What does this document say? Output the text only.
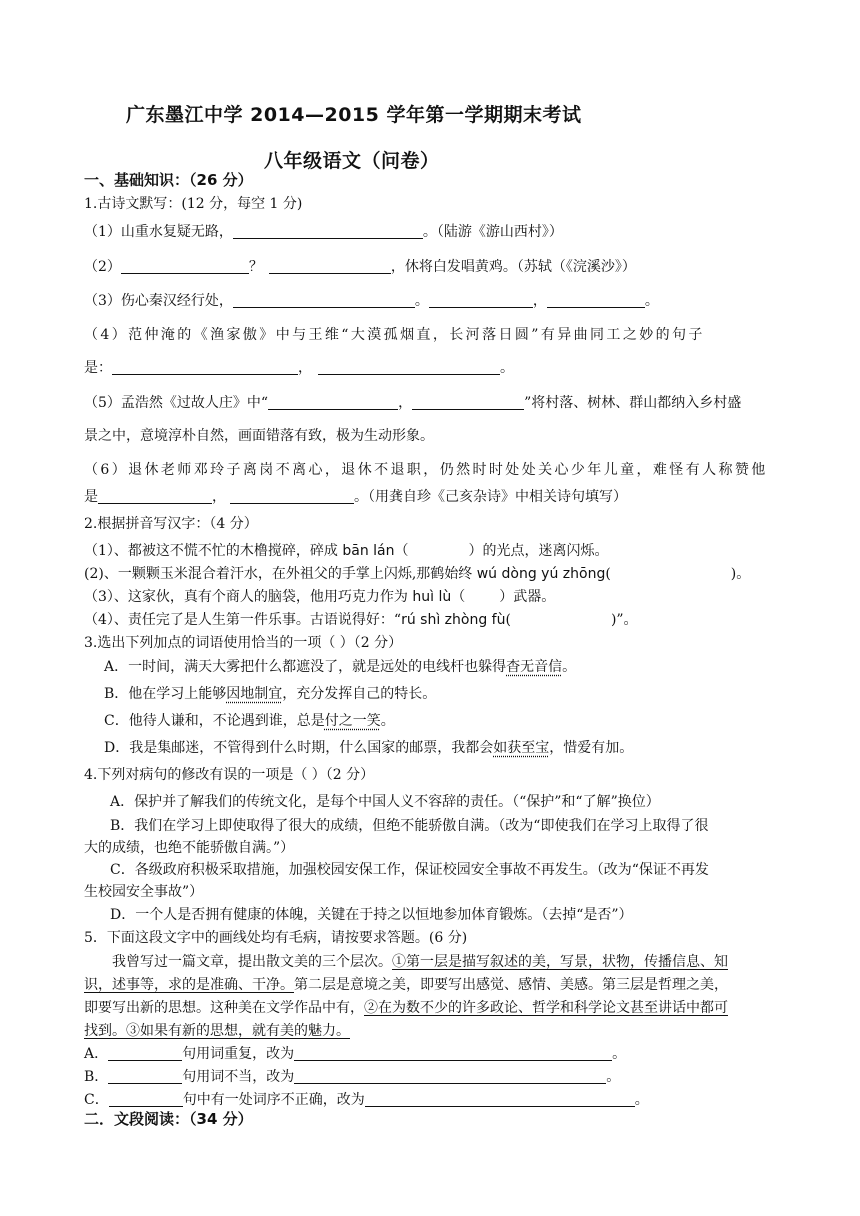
广东墨江中学 2014—2015 学年第一学期期末考试
八年级语文（问卷）
一、基础知识：（26 分）
1.古诗文默写：(12 分，每空 1 分)
（1）山重水复疑无路，	。（陆游《游山西村》）
（2）	？	，休将白发唱黄鸡。（苏轼（《浣溪沙》）
（3）伤心秦汉经行处，	。	，	。
（4）范仲淹的《渔家傲》中与王维“大漠孤烟直，长河落日圆”有异曲同工之妙的句子
是：	，	。
（5）孟浩然《过故人庄》中“	，	”将村落、树林、群山都纳入乡村盛
景之中，意境淳朴自然，画面错落有致，极为生动形象。
（6）退休老师邓玲子离岗不离心，退休不退职，仍然时时处处关心少年儿童，难怪有人称赞他
是	，	。（用龚自珍《己亥杂诗》中相关诗句填写）
2.根据拼音写汉字：（4 分）
（1）、都被这不慌不忙的木橹搅碎，碎成 bān lán（	）的光点，迷离闪烁。
(2)、一颗颗玉米混合着汗水，在外祖父的手掌上闪烁,那鹤始终 wú dòng yú zhōng(	)。
（3）、这家伙，真有个商人的脑袋，他用巧克力作为 huì lù（ ）武器。
（4）、责任完了是人生第一件乐事。古语说得好：“rú shì zhòng fù(	)”。
3.选出下列加点的词语使用恰当的一项（ ）（2 分）
A．一时间，满天大雾把什么都遮没了，就是远处的电线杆也躲得杳无音信。
B．他在学习上能够因地制宜，充分发挥自己的特长。
C．他待人谦和，不论遇到谁，总是付之一笑。
D．我是集邮迷，不管得到什么时期，什么国家的邮票，我都会如获至宝，惜爱有加。
4.下列对病句的修改有误的一项是（ ）（2 分）
A．保护并了解我们的传统文化，是每个中国人义不容辞的责任。（“保护”和“了解”换位）
B．我们在学习上即使取得了很大的成绩，但绝不能骄傲自满。（改为“即使我们在学习上取得了很
大的成绩，也绝不能骄傲自满。”）
C．各级政府积极采取措施，加强校园安保工作，保证校园安全事故不再发生。（改为“保证不再发
生校园安全事故”）
D．一个人是否拥有健康的体魄，关键在于持之以恒地参加体育锻炼。（去掉“是否”）
5．下面这段文字中的画线处均有毛病，请按要求答题。(6 分)
我曾写过一篇文章，提出散文美的三个层次。①第一层是描写叙述的美，写景，状物，传播信息、知
识，述事等，求的是准确、干净。第二层是意境之美，即要写出感觉、感情、美感。第三层是哲理之美，
即要写出新的思想。这种美在文学作品中有，②在为数不少的许多政论、哲学和科学论文甚至讲话中都可
找到。③如果有新的思想，就有美的魅力。
A．	句用词重复，改为	。
B．	句用词不当，改为	。
C．	句中有一处词序不正确，改为	。
二．文段阅读：（34 分）
